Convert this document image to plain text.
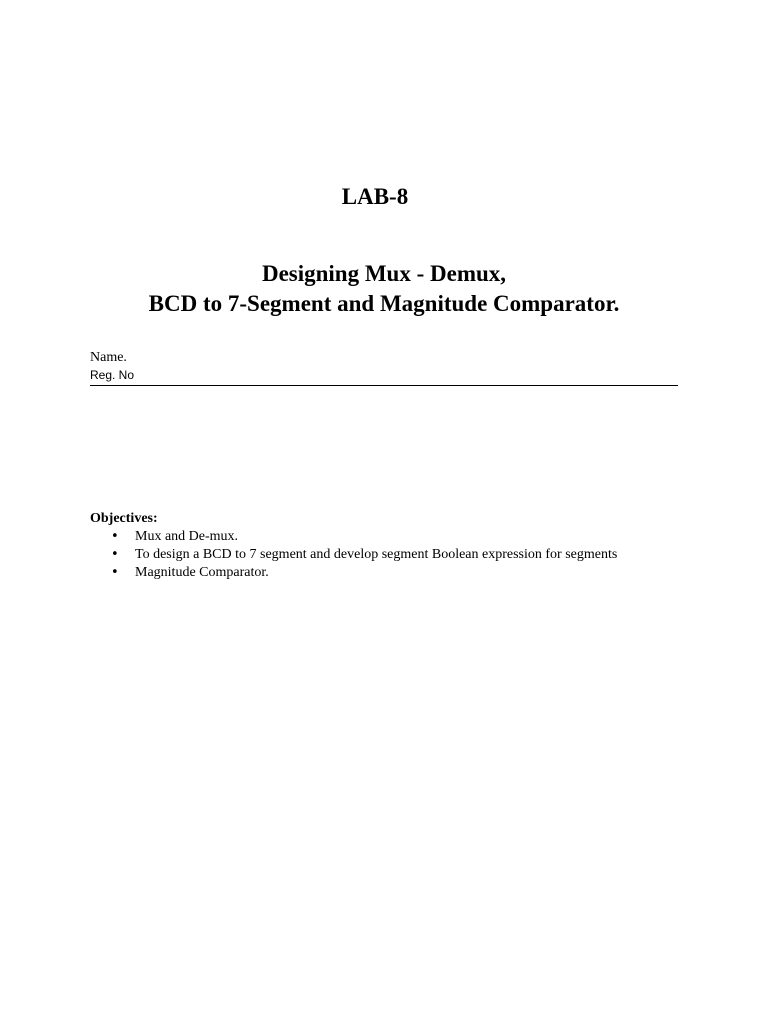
LAB-8
Designing Mux - Demux,
BCD to 7-Segment and Magnitude Comparator.
Name.
Reg. No
Objectives:
• Mux and De-mux.
• To design a BCD to 7 segment and develop segment Boolean expression for segments
• Magnitude Comparator.
